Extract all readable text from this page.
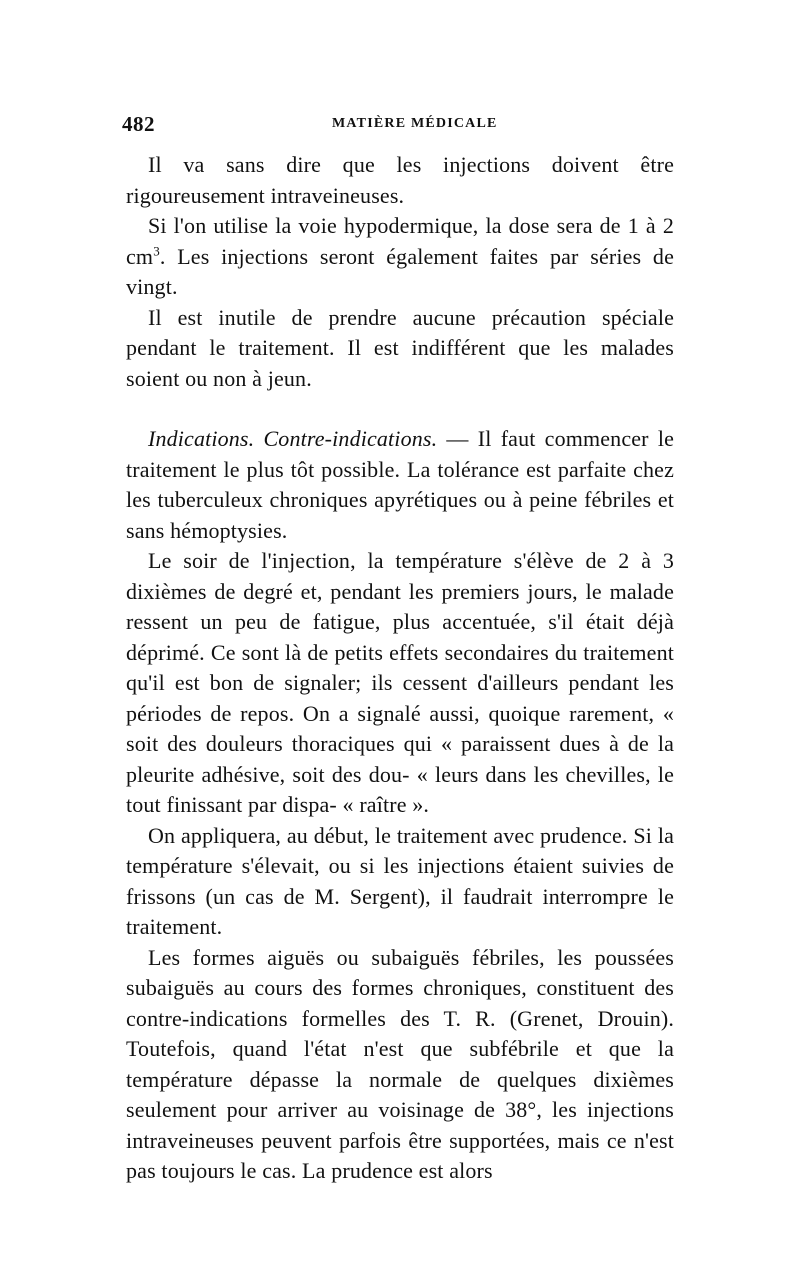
482	MATIÈRE MÉDICALE

Il va sans dire que les injections doivent être rigoureusement intraveineuses.

Si l'on utilise la voie hypodermique, la dose sera de 1 à 2 $cm^3$. Les injections seront également faites par séries de vingt.

Il est inutile de prendre aucune précaution spéciale pendant le traitement. Il est indifférent que les malades soient ou non à jeun.

Indications. Contre-indications. — Il faut commencer le traitement le plus tôt possible. La tolérance est parfaite chez les tuberculeux chroniques apyrétiques ou à peine fébriles et sans hémoptysies.

Le soir de l'injection, la température s'élève de 2 à 3 dixièmes de degré et, pendant les premiers jours, le malade ressent un peu de fatigue, plus accentuée, s'il était déjà déprimé. Ce sont là de petits effets secondaires du traitement qu'il est bon de signaler; ils cessent d'ailleurs pendant les périodes de repos. On a signalé aussi, quoique rarement, « soit des douleurs thoraciques qui « paraissent dues à de la pleurite adhésive, soit des dou- « leurs dans les chevilles, le tout finissant par dispa- « raître ».

On appliquera, au début, le traitement avec prudence. Si la température s'élevait, ou si les injections étaient suivies de frissons (un cas de M. Sergent), il faudrait interrompre le traitement.

Les formes aiguës ou subaiguës fébriles, les poussées subaiguës au cours des formes chroniques, constituent des contre-indications formelles des T. R. (Grenet, Drouin). Toutefois, quand l'état n'est que subfébrile et que la température dépasse la normale de quelques dixièmes seulement pour arriver au voisinage de 38°, les injections intraveineuses peuvent parfois être supportées, mais ce n'est pas toujours le cas. La prudence est alors
